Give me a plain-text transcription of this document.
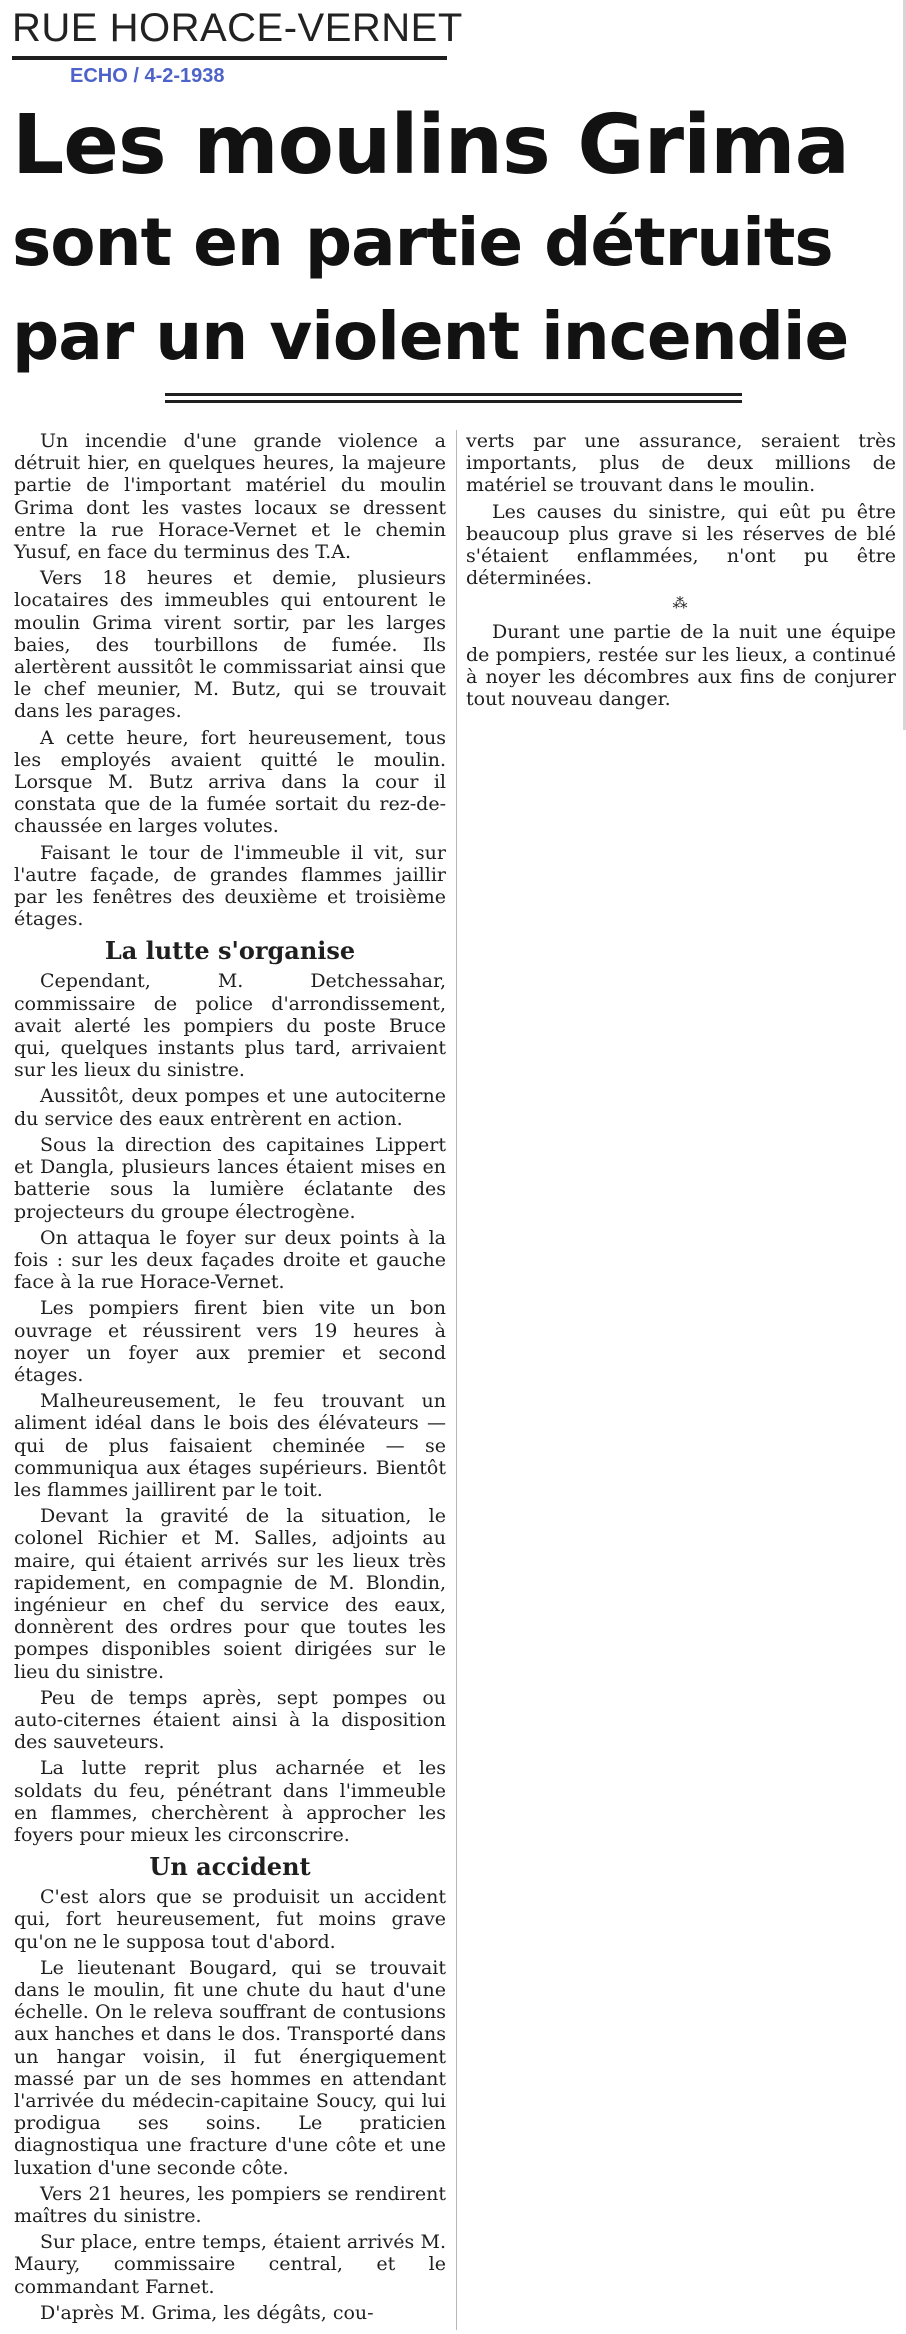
RUE HORACE-VERNET
ECHO / 4-2-1938
Les moulins Grima
sont en partie détruits
par un violent incendie

Un incendie d'une grande violence a détruit hier, en quelques heures, la majeure partie de l'important matériel du moulin Grima dont les vastes locaux se dressent entre la rue Horace-Vernet et le chemin Yusuf, en face du terminus des T.A.

Vers 18 heures et demie, plusieurs locataires des immeubles qui entourent le moulin Grima virent sortir, par les larges baies, des tourbillons de fumée. Ils alertèrent aussitôt le commissariat ainsi que le chef meunier, M. Butz, qui se trouvait dans les parages.

A cette heure, fort heureusement, tous les employés avaient quitté le moulin. Lorsque M. Butz arriva dans la cour il constata que de la fumée sortait du rez-de-chaussée en larges volutes.

Faisant le tour de l'immeuble il vit, sur l'autre façade, de grandes flammes jaillir par les fenêtres des deuxième et troisième étages.

La lutte s'organise

Cependant, M. Detchessahar, commissaire de police d'arrondissement, avait alerté les pompiers du poste Bruce qui, quelques instants plus tard, arrivaient sur les lieux du sinistre.

Aussitôt, deux pompes et une autociterne du service des eaux entrèrent en action.

Sous la direction des capitaines Lippert et Dangla, plusieurs lances étaient mises en batterie sous la lumière éclatante des projecteurs du groupe électrogène.

On attaqua le foyer sur deux points à la fois : sur les deux façades droite et gauche face à la rue Horace-Vernet.

Les pompiers firent bien vite un bon ouvrage et réussirent vers 19 heures à noyer un foyer aux premier et second étages.

Malheureusement, le feu trouvant un aliment idéal dans le bois des élévateurs — qui de plus faisaient cheminée — se communiqua aux étages supérieurs. Bientôt les flammes jaillirent par le toit.

Devant la gravité de la situation, le colonel Richier et M. Salles, adjoints au maire, qui étaient arrivés sur les lieux très rapidement, en compagnie de M. Blondin, ingénieur en chef du service des eaux, donnèrent des ordres pour que toutes les pompes disponibles soient dirigées sur le lieu du sinistre.

Peu de temps après, sept pompes ou auto-citernes étaient ainsi à la disposition des sauveteurs.

La lutte reprit plus acharnée et les soldats du feu, pénétrant dans l'immeuble en flammes, cherchèrent à approcher les foyers pour mieux les circonscrire.

Un accident

C'est alors que se produisit un accident qui, fort heureusement, fut moins grave qu'on ne le supposa tout d'abord.

Le lieutenant Bougard, qui se trouvait dans le moulin, fit une chute du haut d'une échelle. On le releva souffrant de contusions aux hanches et dans le dos. Transporté dans un hangar voisin, il fut énergiquement massé par un de ses hommes en attendant l'arrivée du médecin-capitaine Soucy, qui lui prodigua ses soins. Le praticien diagnostiqua une fracture d'une côte et une luxation d'une seconde côte.

Vers 21 heures, les pompiers se rendirent maîtres du sinistre.

Sur place, entre temps, étaient arrivés M. Maury, commissaire central, et le commandant Farnet.

D'après M. Grima, les dégâts, cou-

verts par une assurance, seraient très importants, plus de deux millions de matériel se trouvant dans le moulin.

Les causes du sinistre, qui eût pu être beaucoup plus grave si les réserves de blé s'étaient enflammées, n'ont pu être déterminées.

⁂

Durant une partie de la nuit une équipe de pompiers, restée sur les lieux, a continué à noyer les décombres aux fins de conjurer tout nouveau danger.
